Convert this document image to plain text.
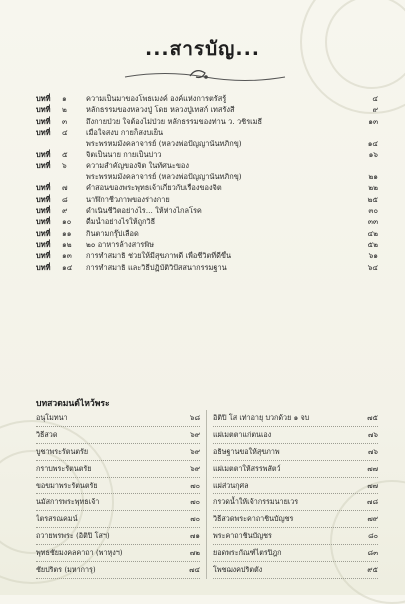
...สารบัญ...
บทที่	๑	ความเป็นมาของโพธเมงค์ องค์แห่งการตรัสรู้	๔
บทที่	๒	หลักธรรมของหลวงปู่ โดย หลวงปู่เทสก์ เทสรังสี	๙
บทที่	๓	ถึงกายป่วย ใจต้องไม่ป่วย หลักธรรมของท่าน ว. วชิรเมธี	๑๓
บทที่	๔	เมื่อใจสงบ กายก็สงบเย็น
พระพรหมมังคลาจารย์ (หลวงพ่อปัญญานันทภิกขุ)	๑๔
บทที่	๕	จิตเป็นนาย กายเป็นบ่าว	๑๖
บทที่	๖	ความสำคัญของจิต ในทัศนะของ
พระพรหมมังคลาจารย์ (หลวงพ่อปัญญานันทภิกขุ)	๒๑
บทที่	๗	คำสอนของพระพุทธเจ้าเกี่ยวกับเรื่องของจิต	๒๒
บทที่	๘	นาฬิกาชีวภาพของร่างกาย	๒๕
บทที่	๙	ดำเนินชีวิตอย่างไร... ให้ห่างไกลโรค	๓๐
บทที่	๑๐	ดื่มน้ำอย่างไรให้ถูกวิธี	๓๓
บทที่	๑๑	กินตามกรุ๊ปเลือด	๔๒
บทที่	๑๒	๒๐ อาหารล้างสารพิษ	๕๒
บทที่	๑๓	การทำสมาธิ ช่วยให้มีสุขภาพดี เพื่อชีวิตที่ดีขึ้น	๖๑
บทที่	๑๔	การทำสมาธิ และวิธีปฏิบัติวิปัสสนากรรมฐาน	๖๔
บทสวดมนต์ไหว้พระ
อนุโมทนา	๖๘
วิธีสวด	๖๙
บูชาพระรัตนตรัย	๖๙
กราบพระรัตนตรัย	๖๙
ขอขมาพระรัตนตรัย	๗๐
นมัสการพระพุทธเจ้า	๗๐
ไตรสรณคมน์	๗๐
ถวายพรพระ (อิติปิ โสฯ)	๗๑
พุทธชัยมงคลคาถา (พาหุงฯ)	๗๒
ชัยปริตร (มหาการุ)	๗๔
อิติปิ โส เท่าอายุ บวกด้วย ๑ จบ	๗๕
แผ่เมตตาแก่ตนเอง	๗๖
อธิษฐานขอให้สุขภาพ	๗๖
แผ่เมตตาให้สรรพสัตว์	๗๗
แผ่ส่วนกุศล	๗๗
กรวดน้ำให้เจ้ากรรมนายเวร	๗๘
วิธีสวดพระคาถาชินบัญชร	๗๙
พระคาถาชินบัญชร	๘๐
ยอดพระกัณฑ์ไตรปิฎก	๘๓
โพชฌงคปริตตัง	๙๕
